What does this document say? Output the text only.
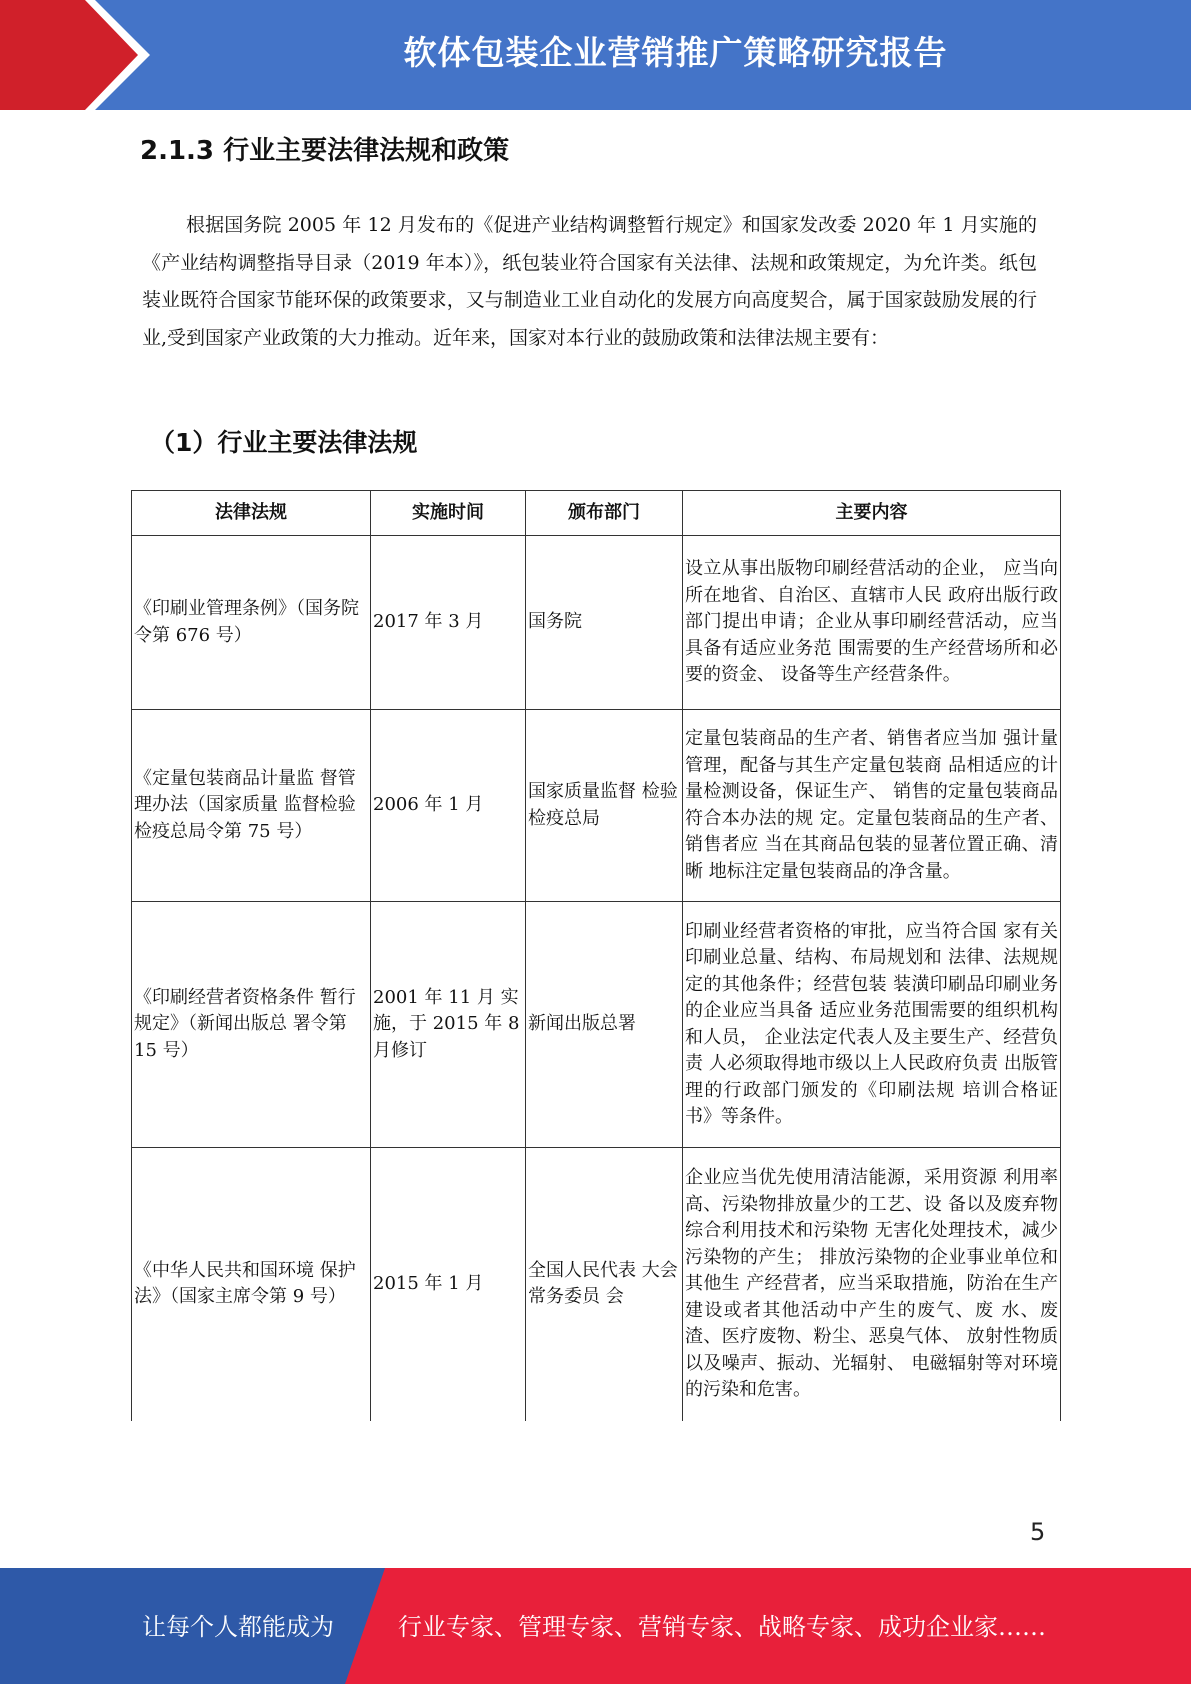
软体包装企业营销推广策略研究报告
2.1.3 行业主要法律法规和政策
根据国务院 2005 年 12 月发布的《促进产业结构调整暂行规定》和国家发改委 2020 年 1 月实施的《产业结构调整指导目录（2019 年本）》，纸包装业符合国家有关法律、法规和政策规定，为允许类。纸包装业既符合国家节能环保的政策要求，又与制造业工业自动化的发展方向高度契合，属于国家鼓励发展的行业,受到国家产业政策的大力推动。近年来，国家对本行业的鼓励政策和法律法规主要有：
（1）行业主要法律法规
法律法规	实施时间	颁布部门	主要内容
《印刷业管理条例》（国务院令第 676 号）	2017 年 3 月	国务院	设立从事出版物印刷经营活动的企业， 应当向所在地省、自治区、直辖市人民 政府出版行政部门提出申请；企业从事印刷经营活动，应当具备有适应业务范 围需要的生产经营场所和必要的资金、 设备等生产经营条件。
《定量包装商品计量监 督管理办法（国家质量 监督检验检疫总局令第 75 号）	2006 年 1 月	国家质量监督 检验检疫总局	定量包装商品的生产者、销售者应当加 强计量管理，配备与其生产定量包装商 品相适应的计量检测设备，保证生产、 销售的定量包装商品符合本办法的规 定。定量包装商品的生产者、销售者应 当在其商品包装的显著位置正确、清晰 地标注定量包装商品的净含量。
《印刷经营者资格条件 暂行规定》（新闻出版总 署令第 15 号）	2001 年 11 月 实施，于 2015 年 8 月修订	新闻出版总署	印刷业经营者资格的审批，应当符合国 家有关印刷业总量、结构、布局规划和 法律、法规规定的其他条件；经营包装 装潢印刷品印刷业务的企业应当具备 适应业务范围需要的组织机构和人员， 企业法定代表人及主要生产、经营负责 人必须取得地市级以上人民政府负责 出版管理的行政部门颁发的《印刷法规 培训合格证书》等条件。
《中华人民共和国环境 保护法》（国家主席令第 9 号）	2015 年 1 月	全国人民代表 大会常务委员 会	企业应当优先使用清洁能源，采用资源 利用率高、污染物排放量少的工艺、设 备以及废弃物综合利用技术和污染物 无害化处理技术，减少污染物的产生； 排放污染物的企业事业单位和其他生 产经营者，应当采取措施，防治在生产 建设或者其他活动中产生的废气、废 水、废渣、医疗废物、粉尘、恶臭气体、 放射性物质以及噪声、振动、光辐射、 电磁辐射等对环境的污染和危害。
5
让每个人都能成为	行业专家、管理专家、营销专家、战略专家、成功企业家……
